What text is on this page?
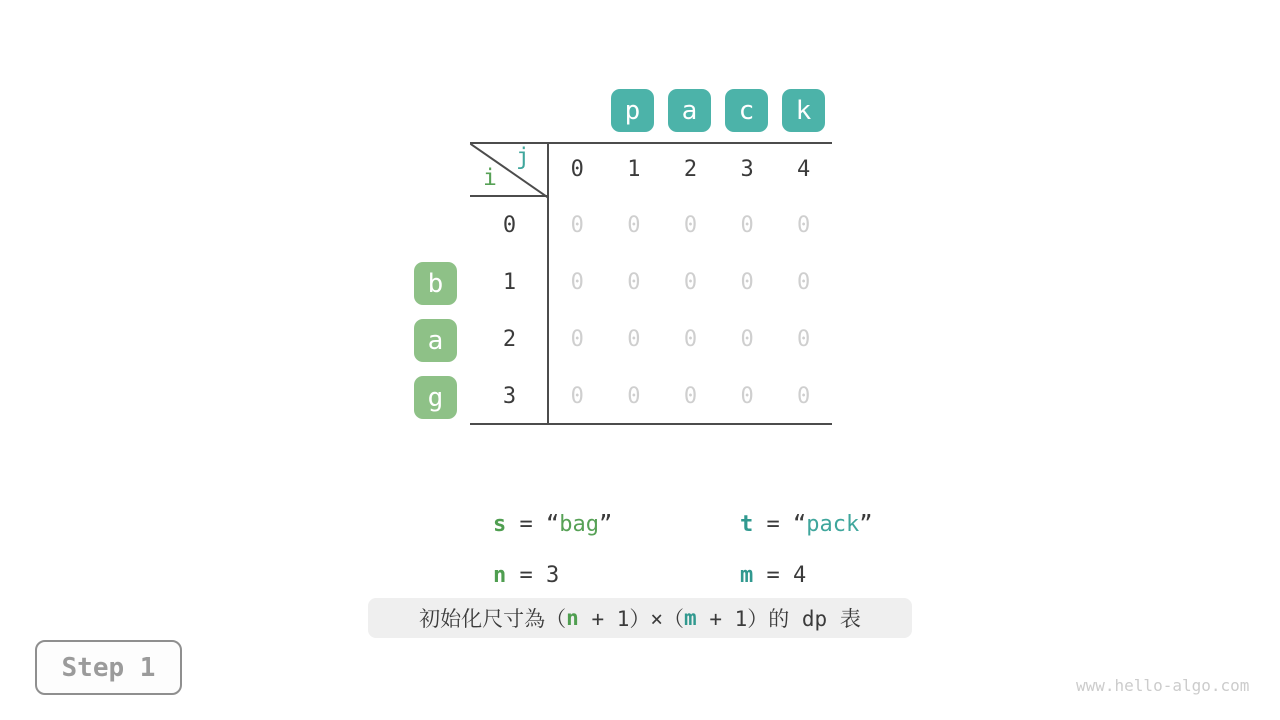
p a c k
b
a
g
j
i	0	1	2	3	4
0	0	0	0	0	0
1	0	0	0	0	0
2	0	0	0	0	0
3	0	0	0	0	0

s = “bag”
	t = “pack”

n = 3
	m = 4

初始化尺寸為（ n + 1）×（ m + 1）的 dp 表
Step 1
www.hello-algo.com
